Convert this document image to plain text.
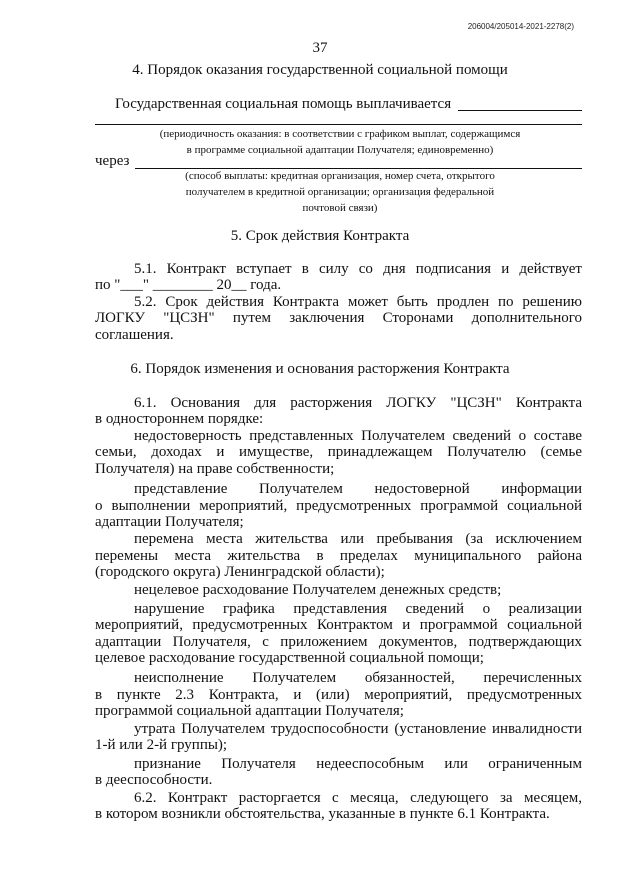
206004/205014-2021-2278(2)
37
4. Порядок оказания государственной социальной помощи
Государственная социальная помощь выплачивается
(периодичность оказания: в соответствии с графиком выплат, содержащимся
в программе социальной адаптации Получателя; единовременно)
через
(способ выплаты: кредитная организация, номер счета, открытого
получателем в кредитной организации; организация федеральной
почтовой связи)
5. Срок действия Контракта
5.1. Контракт вступает в силу со дня подписания и действует
по "___" ________ 20__ года.
5.2. Срок действия Контракта может быть продлен по решению
ЛОГКУ "ЦСЗН" путем заключения Сторонами дополнительного
соглашения.
6. Порядок изменения и основания расторжения Контракта
6.1. Основания для расторжения ЛОГКУ "ЦСЗН" Контракта
в одностороннем порядке:
недостоверность представленных Получателем сведений о составе
семьи, доходах и имуществе, принадлежащем Получателю (семье
Получателя) на праве собственности;
представление Получателем недостоверной информации
о выполнении мероприятий, предусмотренных программой социальной
адаптации Получателя;
перемена места жительства или пребывания (за исключением
перемены места жительства в пределах муниципального района
(городского округа) Ленинградской области);
нецелевое расходование Получателем денежных средств;
нарушение графика представления сведений о реализации
мероприятий, предусмотренных Контрактом и программой социальной
адаптации Получателя, с приложением документов, подтверждающих
целевое расходование государственной социальной помощи;
неисполнение Получателем обязанностей, перечисленных
в пункте 2.3 Контракта, и (или) мероприятий, предусмотренных
программой социальной адаптации Получателя;
утрата Получателем трудоспособности (установление инвалидности
1-й или 2-й группы);
признание Получателя недееспособным или ограниченным
в дееспособности.
6.2. Контракт расторгается с месяца, следующего за месяцем,
в котором возникли обстоятельства, указанные в пункте 6.1 Контракта.
